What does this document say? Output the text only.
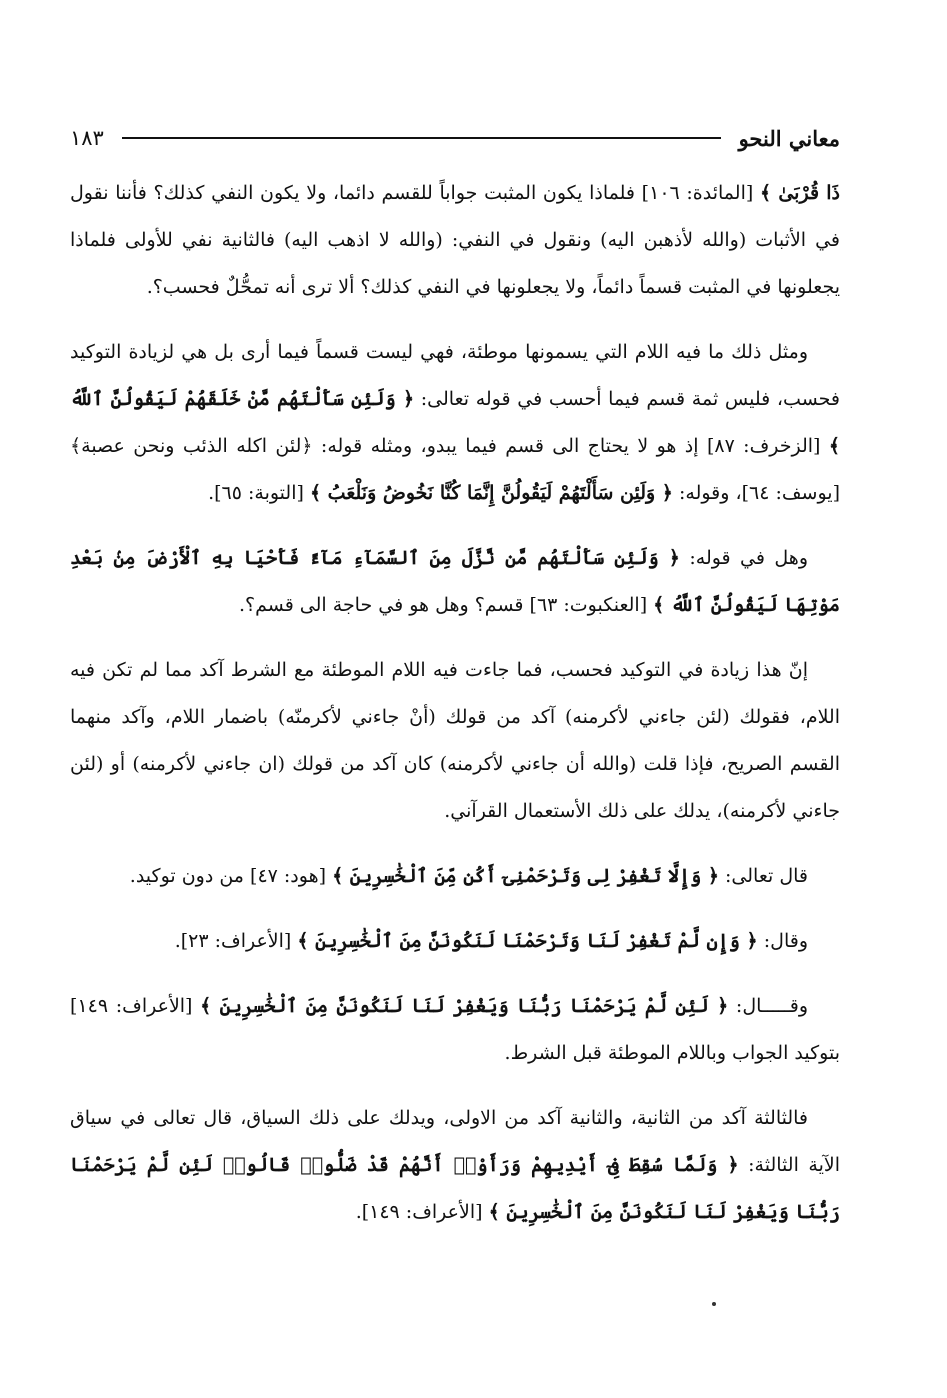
معاني النحو
١٨٣

ذَا قُرْبَىٰ ﴾ [المائدة: ١٠٦] فلماذا يكون المثبت جواباً للقسم دائما، ولا يكون النفي كذلك؟ فأننا نقول في الأثبات (والله لأذهبن اليه) ونقول في النفي: (والله لا اذهب اليه) فالثانية نفي للأولى فلماذا يجعلونها في المثبت قسماً دائماً، ولا يجعلونها في النفي كذلك؟ ألا ترى أنه تمحُّلٌ فحسب؟.

ومثل ذلك ما فيه اللام التي يسمونها موطئة، فهي ليست قسماً فيما أرى بل هي لزيادة التوكيد فحسب، فليس ثمة قسم فيما أحسب في قوله تعالى: ﴿ وَلَئِن سَأَلْتَهُم مَّنْ خَلَقَهُمْ لَيَقُولُنَّ ٱللَّهُ ﴾ [الزخرف: ٨٧] إذ هو لا يحتاج الى قسم فيما يبدو، ومثله قوله: ﴿لئن اكله الذئب ونحن عصبة﴾ [يوسف: ٦٤]، وقوله: ﴿ وَلَئِن سَأَلْتَهُمْ لَيَقُولُنَّ إِنَّمَا كُنَّا نَخُوضُ وَنَلْعَبُ ﴾ [التوبة: ٦٥].

وهل في قوله: ﴿ وَلَئِن سَأَلْتَهُم مَّن نَّزَّلَ مِنَ ٱلسَّمَآءِ مَآءً فَأَحْيَا بِهِ ٱلْأَرْضَ مِنۢ بَعْدِ مَوْتِهَا لَيَقُولُنَّ ٱللَّهُ ﴾ [العنكبوت: ٦٣] قسم؟ وهل هو في حاجة الى قسم؟.

إنّ هذا زيادة في التوكيد فحسب، فما جاءت فيه اللام الموطئة مع الشرط آكد مما لم تكن فيه اللام، فقولك (لئن جاءني لأكرمنه) آكد من قولك (أنْ جاءني لأكرمنّه) باضمار اللام، وآكد منهما القسم الصريح، فإذا قلت (والله أن جاءني لأكرمنه) كان آكد من قولك (ان جاءني لأكرمنه) أو (لئن جاءني لأكرمنه)، يدلك على ذلك الأستعمال القرآني.

قال تعالى: ﴿ وَإِلَّا تَغْفِرْ لِى وَتَرْحَمْنِىٓ أَكُن مِّنَ ٱلْخَٰسِرِينَ ﴾ [هود: ٤٧] من دون توكيد.

وقال: ﴿ وَإِن لَّمْ تَغْفِرْ لَنَا وَتَرْحَمْنَا لَنَكُونَنَّ مِنَ ٱلْخَٰسِرِينَ ﴾ [الأعراف: ٢٣].

وقـــــال: ﴿ لَئِن لَّمْ يَرْحَمْنَا رَبُّنَا وَيَغْفِرْ لَنَا لَنَكُونَنَّ مِنَ ٱلْخَٰسِرِينَ ﴾ [الأعراف: ١٤٩] بتوكيد الجواب وباللام الموطئة قبل الشرط.

فالثالثة آكد من الثانية، والثانية آكد من الاولى، ويدلك على ذلك السياق، قال تعالى في سياق الآية الثالثة: ﴿ وَلَمَّا سُقِطَ فِىٓ أَيْدِيهِمْ وَرَأَوْا۟ أَنَّهُمْ قَدْ ضَلُّوا۟ قَالُوا۟ لَئِن لَّمْ يَرْحَمْنَا رَبُّنَا وَيَغْفِرْ لَنَا لَنَكُونَنَّ مِنَ ٱلْخَٰسِرِينَ ﴾ [الأعراف: ١٤٩].
